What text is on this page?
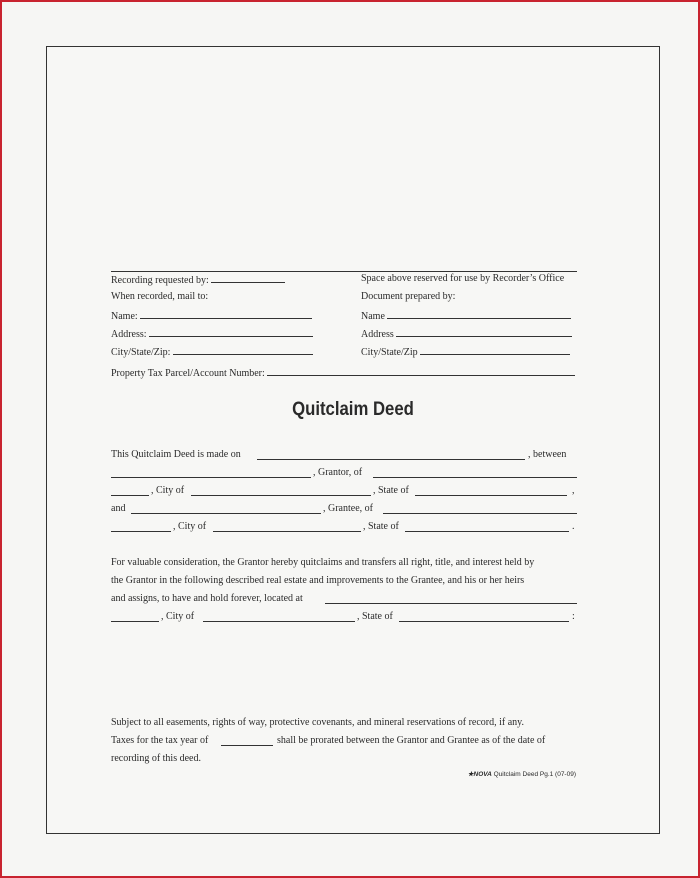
Recording requested by:	Space above reserved for use by Recorder’s Office
When recorded, mail to:	Document prepared by:
Name:	Name
Address:	Address
City/State/Zip:	City/State/Zip
Property Tax Parcel/Account Number:
Quitclaim Deed
This Quitclaim Deed is made on	, between
, Grantor, of
, City of	, State of	,
and	, Grantee, of
, City of	, State of	.
For valuable consideration, the Grantor hereby quitclaims and transfers all right, title, and interest held by
the Grantor in the following described real estate and improvements to the Grantee, and his or her heirs
and assigns, to have and hold forever, located at
, City of	, State of	:
Subject to all easements, rights of way, protective covenants, and mineral reservations of record, if any.
Taxes for the tax year of	shall be prorated between the Grantor and Grantee as of the date of
recording of this deed.
★NOVA Quitclaim Deed Pg.1 (07-09)
